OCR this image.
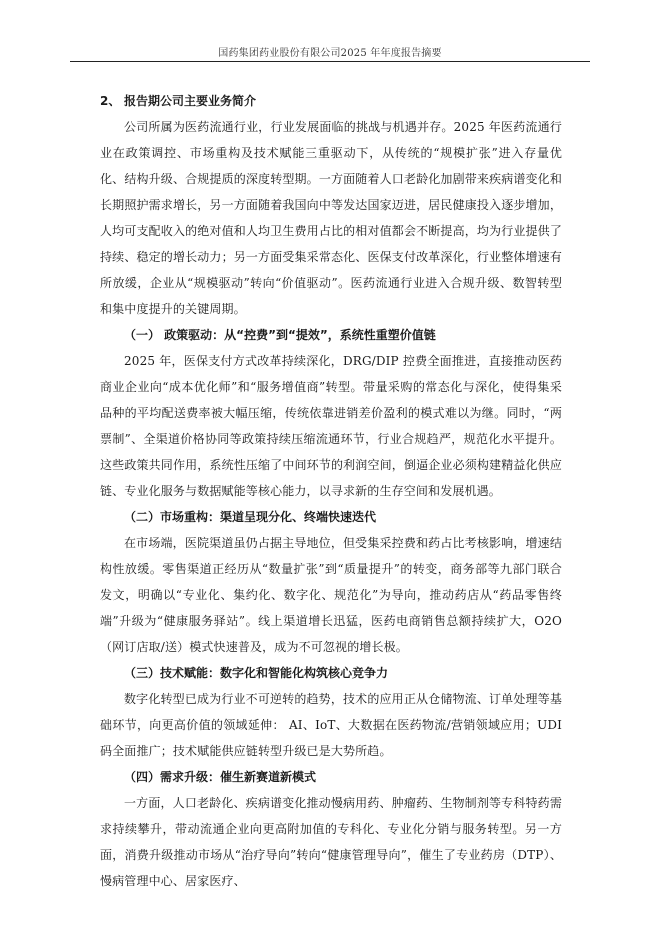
国药集团药业股份有限公司2025 年年度报告摘要
2、 报告期公司主要业务简介

公司所属为医药流通行业，行业发展面临的挑战与机遇并存。2025 年医药流通行业在政策调控、市场重构及技术赋能三重驱动下，从传统的“规模扩张”进入存量优化、结构升级、合规提质的深度转型期。一方面随着人口老龄化加剧带来疾病谱变化和长期照护需求增长，另一方面随着我国向中等发达国家迈进，居民健康投入逐步增加，人均可支配收入的绝对值和人均卫生费用占比的相对值都会不断提高，均为行业提供了持续、稳定的增长动力；另一方面受集采常态化、医保支付改革深化，行业整体增速有所放缓，企业从“规模驱动”转向“价值驱动”。医药流通行业进入合规升级、数智转型和集中度提升的关键周期。

（一） 政策驱动：从“控费”到“提效”，系统性重塑价值链

2025 年，医保支付方式改革持续深化，DRG/DIP 控费全面推进，直接推动医药商业企业向“成本优化师”和“服务增值商”转型。带量采购的常态化与深化，使得集采品种的平均配送费率被大幅压缩，传统依靠进销差价盈利的模式难以为继。同时，“两票制”、全渠道价格协同等政策持续压缩流通环节，行业合规趋严，规范化水平提升。这些政策共同作用，系统性压缩了中间环节的利润空间，倒逼企业必须构建精益化供应链、专业化服务与数据赋能等核心能力，以寻求新的生存空间和发展机遇。

（二）市场重构：渠道呈现分化、终端快速迭代

在市场端，医院渠道虽仍占据主导地位，但受集采控费和药占比考核影响，增速结构性放缓。零售渠道正经历从“数量扩张”到“质量提升”的转变，商务部等九部门联合发文，明确以“专业化、集约化、数字化、规范化”为导向，推动药店从“药品零售终端”升级为“健康服务驿站”。线上渠道增长迅猛，医药电商销售总额持续扩大，O2O（网订店取/送）模式快速普及，成为不可忽视的增长极。

（三）技术赋能：数字化和智能化构筑核心竞争力

数字化转型已成为行业不可逆转的趋势，技术的应用正从仓储物流、订单处理等基础环节，向更高价值的领域延伸： AI、IoT、大数据在医药物流/营销领域应用；UDI 码全面推广；技术赋能供应链转型升级已是大势所趋。

（四）需求升级：催生新赛道新模式

一方面，人口老龄化、疾病谱变化推动慢病用药、肿瘤药、生物制剂等专科特药需求持续攀升，带动流通企业向更高附加值的专科化、专业化分销与服务转型。另一方面，消费升级推动市场从“治疗导向”转向“健康管理导向”，催生了专业药房（DTP）、慢病管理中心、居家医疗、
